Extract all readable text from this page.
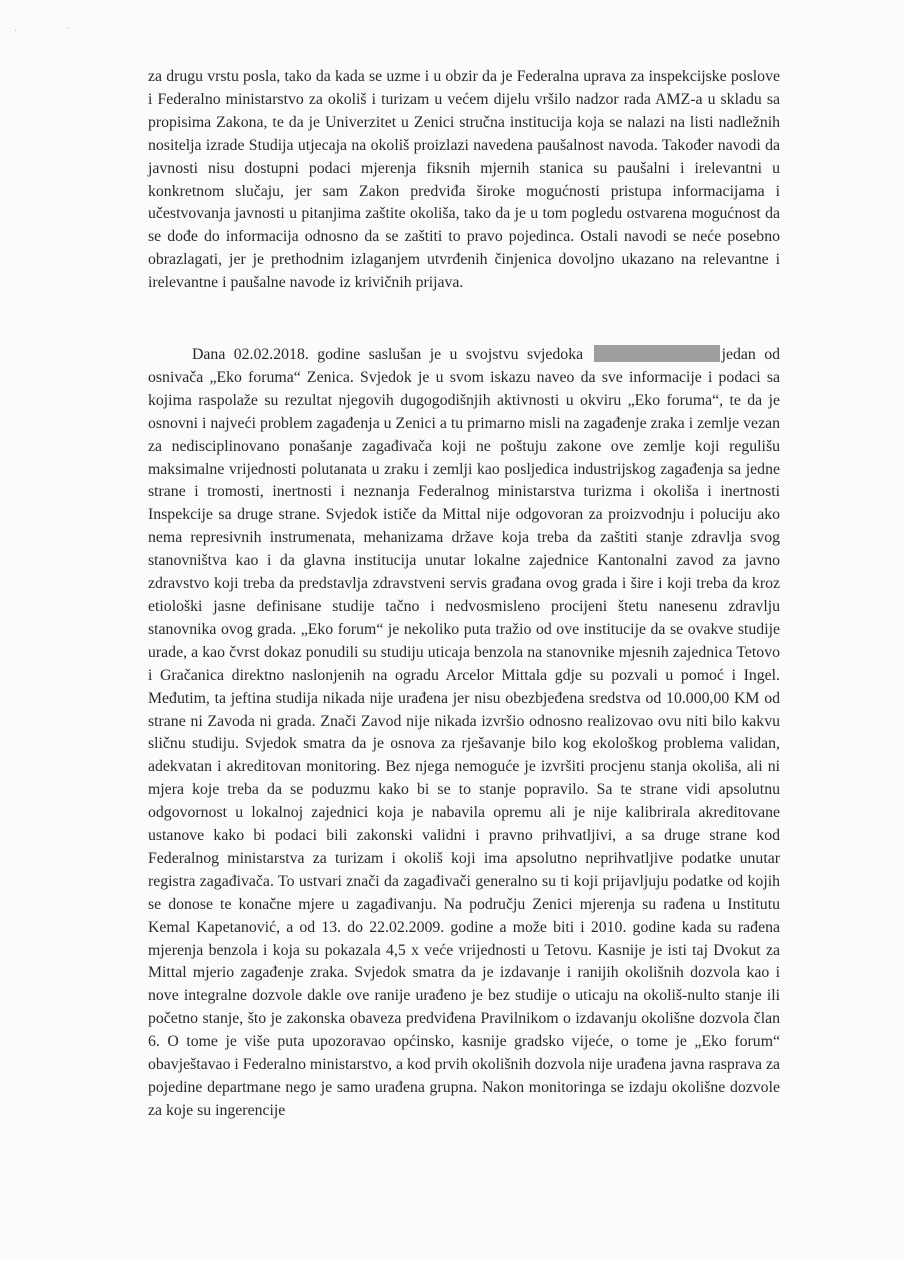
·	·

za drugu vrstu posla, tako da kada se uzme i u obzir da je Federalna uprava za inspekcijske poslove i Federalno ministarstvo za okoliš i turizam u većem dijelu vršilo nadzor rada AMZ-a u skladu sa propisima Zakona, te da je Univerzitet u Zenici stručna institucija koja se nalazi na listi nadležnih nositelja izrade Studija utjecaja na okoliš proizlazi navedena paušalnost navoda. Također navodi da javnosti nisu dostupni podaci mjerenja fiksnih mjernih stanica su paušalni i irelevantni u konkretnom slučaju, jer sam Zakon predviđa široke mogućnosti pristupa informacijama i učestvovanja javnosti u pitanjima zaštite okoliša, tako da je u tom pogledu ostvarena mogućnost da se dođe do informacija odnosno da se zaštiti to pravo pojedinca. Ostali navodi se neće posebno obrazlagati, jer je prethodnim izlaganjem utvrđenih činjenica dovoljno ukazano na relevantne i irelevantne i paušalne navode iz krivičnih prijava.

Dana 02.02.2018. godine saslušan je u svojstvu svjedoka	jedan od osnivača „Eko foruma“ Zenica. Svjedok je u svom iskazu naveo da sve informacije i podaci sa kojima raspolaže su rezultat njegovih dugogodišnjih aktivnosti u okviru „Eko foruma“, te da je osnovni i najveći problem zagađenja u Zenici a tu primarno misli na zagađenje zraka i zemlje vezan za nedisciplinovano ponašanje zagađivača koji ne poštuju zakone ove zemlje koji regulišu maksimalne vrijednosti polutanata u zraku i zemlji kao posljedica industrijskog zagađenja sa jedne strane i tromosti, inertnosti i neznanja Federalnog ministarstva turizma i okoliša i inertnosti Inspekcije sa druge strane. Svjedok ističe da Mittal nije odgovoran za proizvodnju i poluciju ako nema represivnih instrumenata, mehanizama države koja treba da zaštiti stanje zdravlja svog stanovništva kao i da glavna institucija unutar lokalne zajednice Kantonalni zavod za javno zdravstvo koji treba da predstavlja zdravstveni servis građana ovog grada i šire i koji treba da kroz etiološki jasne definisane studije tačno i nedvosmisleno procijeni štetu nanesenu zdravlju stanovnika ovog grada. „Eko forum“ je nekoliko puta tražio od ove institucije da se ovakve studije urade, a kao čvrst dokaz ponudili su studiju uticaja benzola na stanovnike mjesnih zajednica Tetovo i Gračanica direktno naslonjenih na ogradu Arcelor Mittala gdje su pozvali u pomoć i Ingel. Međutim, ta jeftina studija nikada nije urađena jer nisu obezbjeđena sredstva od 10.000,00 KM od strane ni Zavoda ni grada. Znači Zavod nije nikada izvršio odnosno realizovao ovu niti bilo kakvu sličnu studiju. Svjedok smatra da je osnova za rješavanje bilo kog ekološkog problema validan, adekvatan i akreditovan monitoring. Bez njega nemoguće je izvršiti procjenu stanja okoliša, ali ni mjera koje treba da se poduzmu kako bi se to stanje popravilo. Sa te strane vidi apsolutnu odgovornost u lokalnoj zajednici koja je nabavila opremu ali je nije kalibrirala akreditovane ustanove kako bi podaci bili zakonski validni i pravno prihvatljivi, a sa druge strane kod Federalnog ministarstva za turizam i okoliš koji ima apsolutno neprihvatljive podatke unutar registra zagađivača. To ustvari znači da zagađivači generalno su ti koji prijavljuju podatke od kojih se donose te konačne mjere u zagađivanju. Na području Zenici mjerenja su rađena u Institutu Kemal Kapetanović, a od 13. do 22.02.2009. godine a može biti i 2010. godine kada su rađena mjerenja benzola i koja su pokazala 4,5 x veće vrijednosti u Tetovu. Kasnije je isti taj Dvokut za Mittal mjerio zagađenje zraka. Svjedok smatra da je izdavanje i ranijih okolišnih dozvola kao i nove integralne dozvole dakle ove ranije urađeno je bez studije o uticaju na okoliš-nulto stanje ili početno stanje, što je zakonska obaveza predviđena Pravilnikom o izdavanju okolišne dozvola član 6. O tome je više puta upozoravao općinsko, kasnije gradsko vijeće, o tome je „Eko forum“ obavještavao i Federalno ministarstvo, a kod prvih okolišnih dozvola nije urađena javna rasprava za pojedine departmane nego je samo urađena grupna. Nakon monitoringa se izdaju okolišne dozvole za koje su ingerencije
